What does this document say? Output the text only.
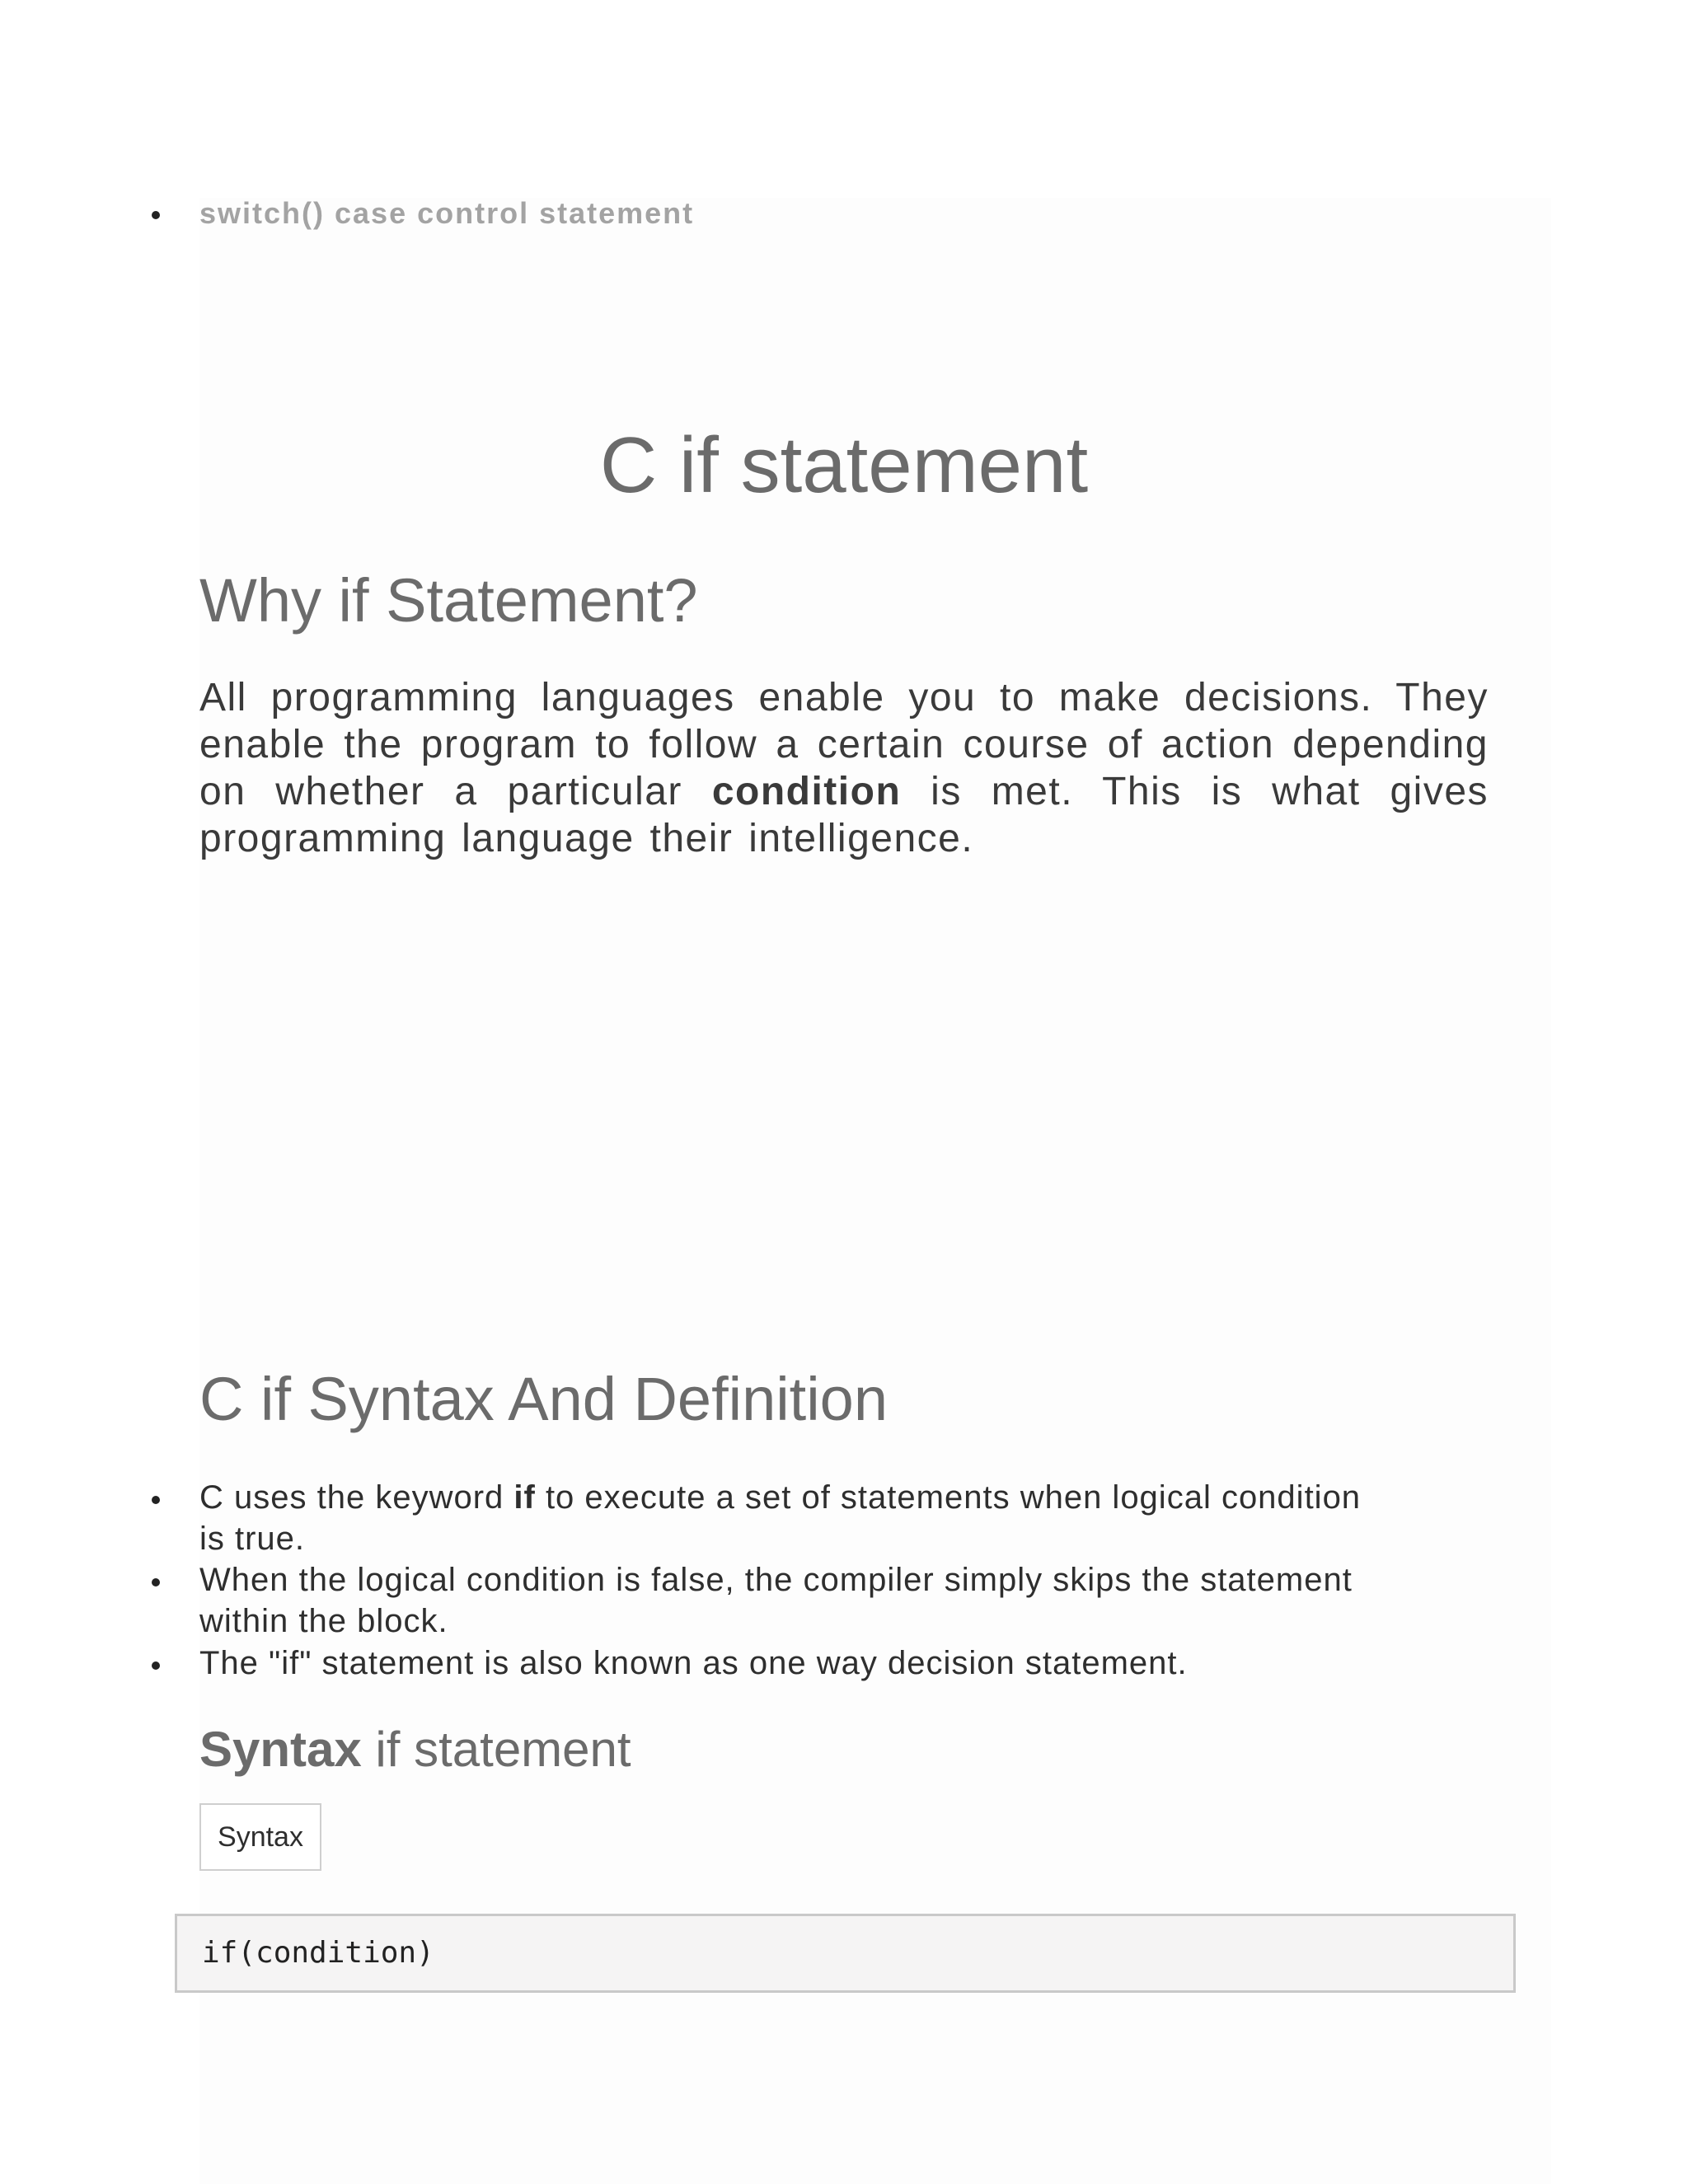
switch() case control statement
C if statement
Why if Statement?
All programming languages enable you to make decisions. They enable the program to follow a certain course of action depending on whether a particular condition is met. This is what gives programming language their intelligence.
C if Syntax And Definition
C uses the keyword if to execute a set of statements when logical condition is true.
When the logical condition is false, the compiler simply skips the statement within the block.
The "if" statement is also known as one way decision statement.
Syntax if statement
Syntax
if(condition)
